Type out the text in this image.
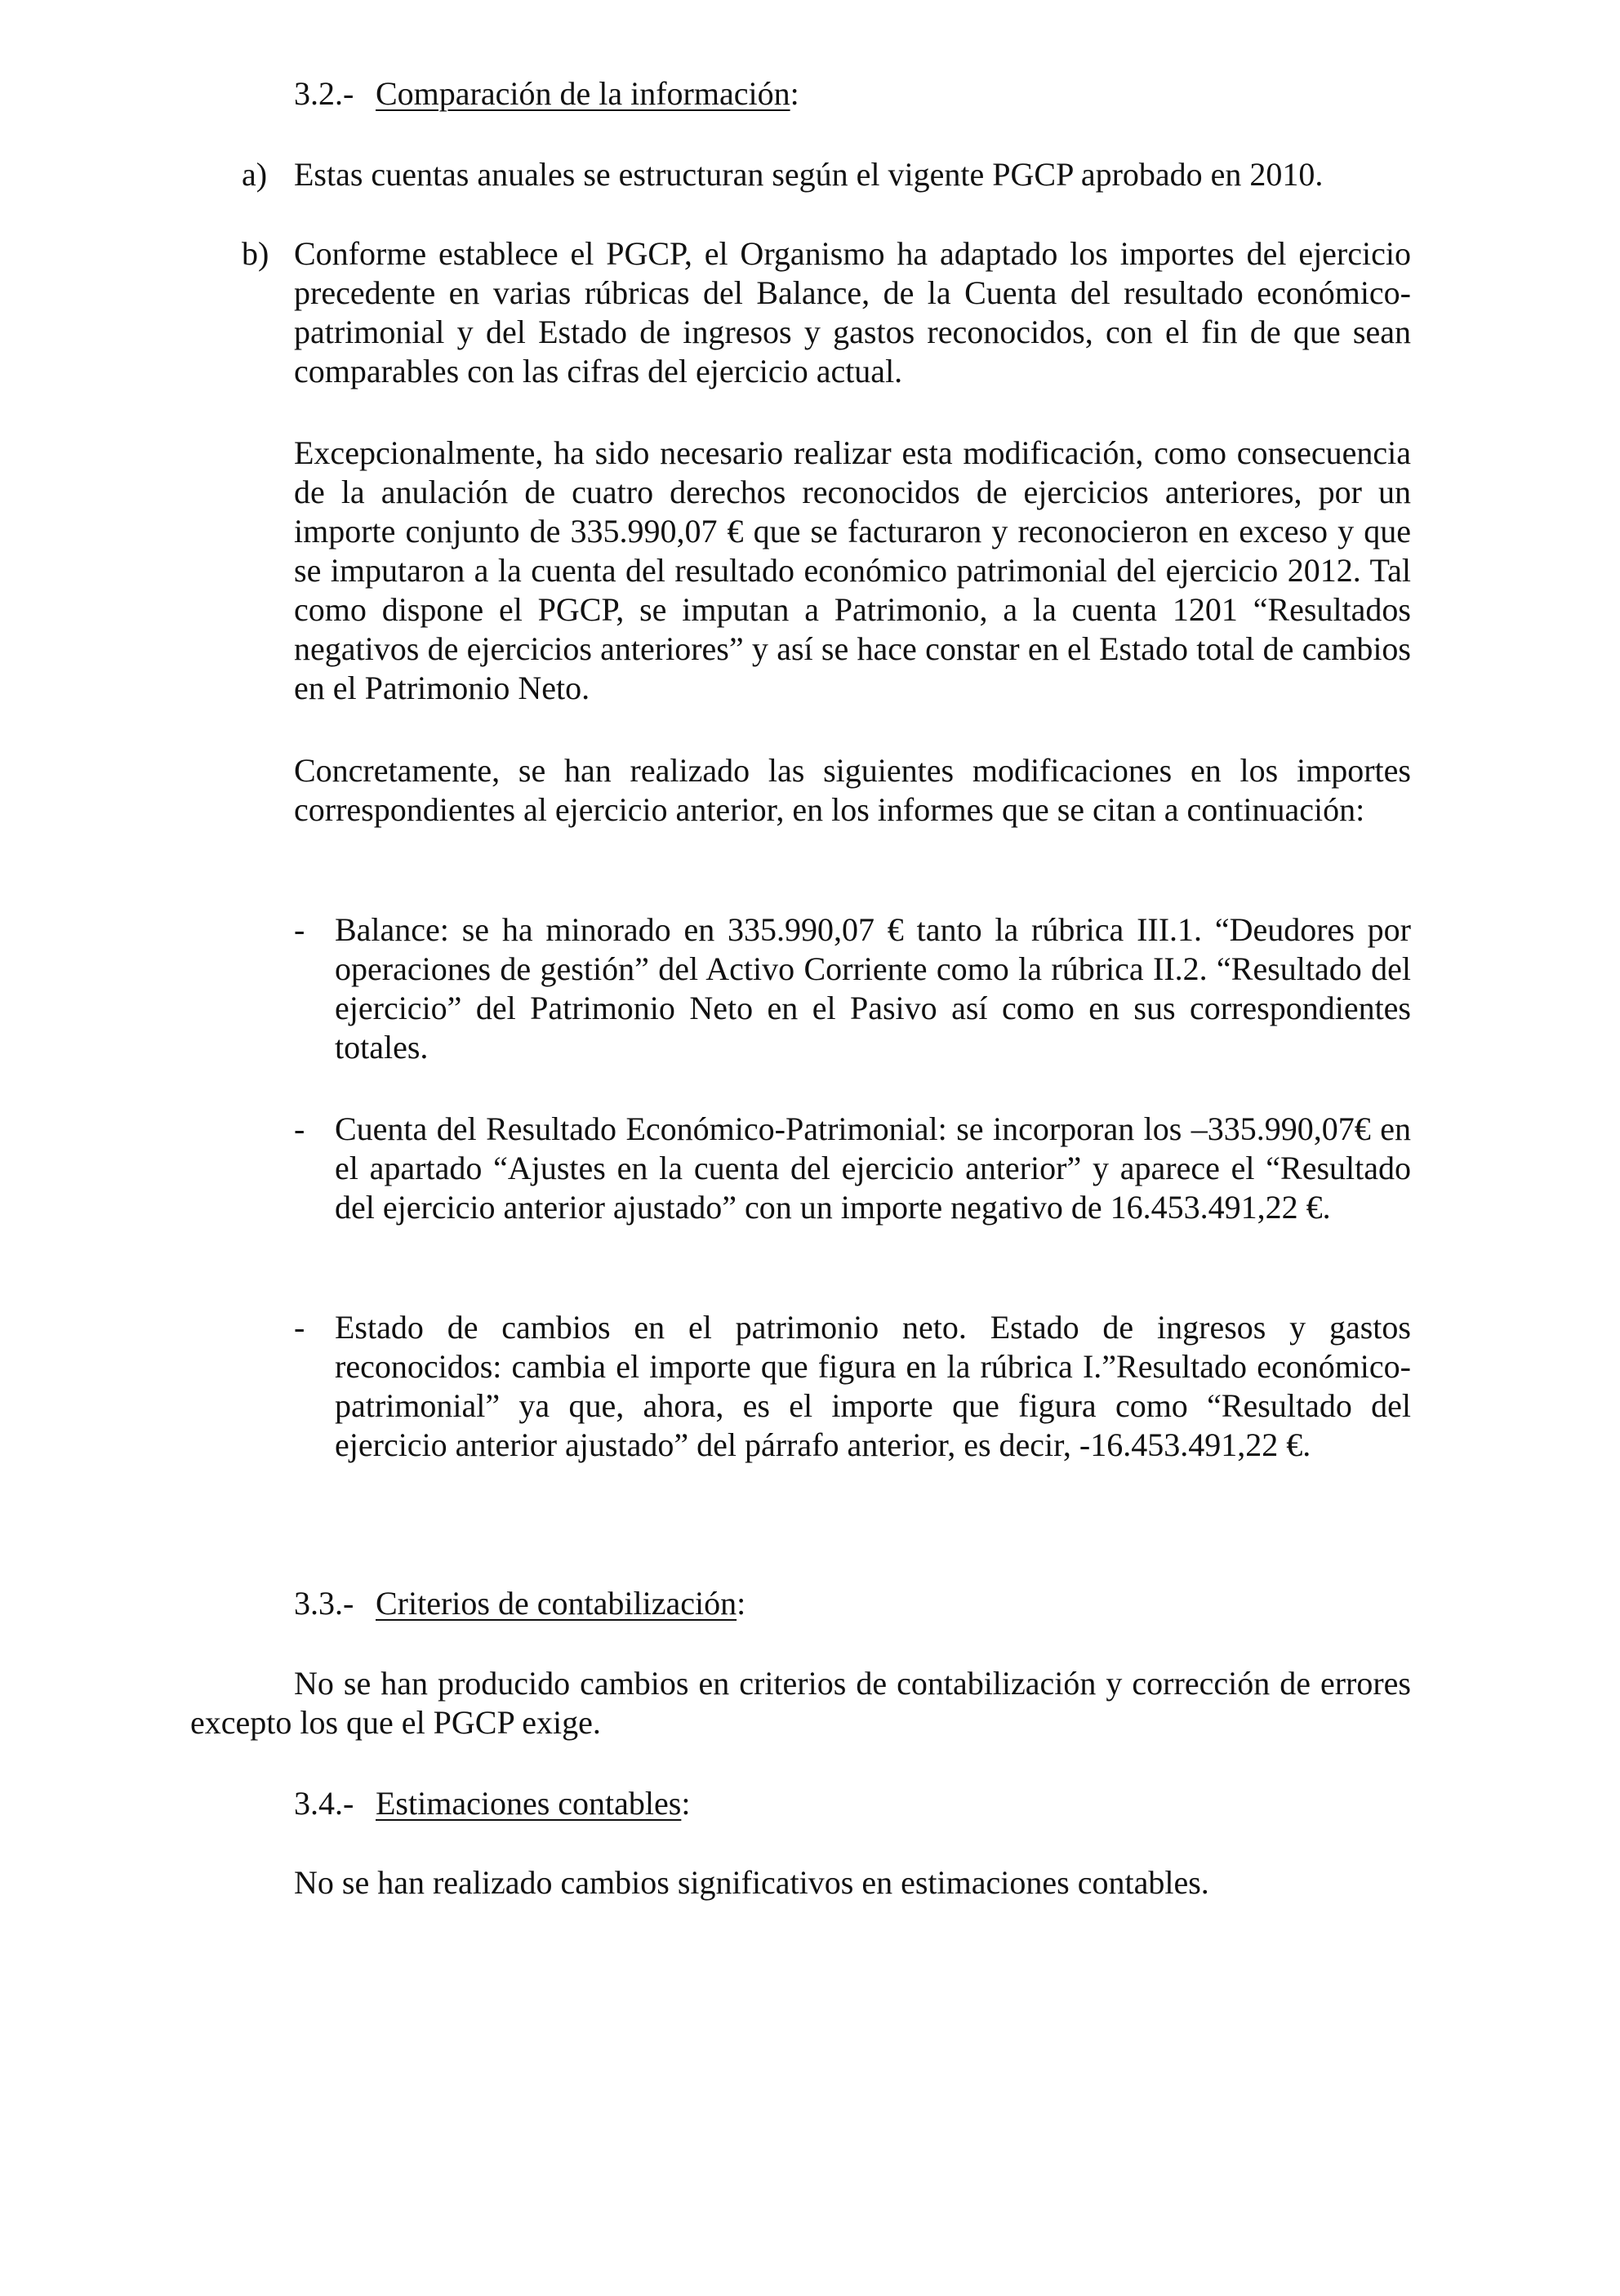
3.2.- Comparación de la información:
a) Estas cuentas anuales se estructuran según el vigente PGCP aprobado en 2010.
b) Conforme establece el PGCP, el Organismo ha adaptado los importes del ejercicio precedente en varias rúbricas del Balance, de la Cuenta del resultado económico-patrimonial y del Estado de ingresos y gastos reconocidos, con el fin de que sean comparables con las cifras del ejercicio actual.
Excepcionalmente, ha sido necesario realizar esta modificación, como consecuencia de la anulación de cuatro derechos reconocidos de ejercicios anteriores, por un importe conjunto de 335.990,07 € que se facturaron y reconocieron en exceso y que se imputaron a la cuenta del resultado económico patrimonial del ejercicio 2012. Tal como dispone el PGCP, se imputan a Patrimonio, a la cuenta 1201 “Resultados negativos de ejercicios anteriores” y así se hace constar en el Estado total de cambios en el Patrimonio Neto.
Concretamente, se han realizado las siguientes modificaciones en los importes correspondientes al ejercicio anterior, en los informes que se citan a continuación:
- Balance: se ha minorado en 335.990,07 € tanto la rúbrica III.1. “Deudores por operaciones de gestión” del Activo Corriente como la rúbrica II.2. “Resultado del ejercicio” del Patrimonio Neto en el Pasivo así como en sus correspondientes totales.
- Cuenta del Resultado Económico-Patrimonial: se incorporan los –335.990,07€ en el apartado “Ajustes en la cuenta del ejercicio anterior” y aparece el “Resultado del ejercicio anterior ajustado” con un importe negativo de 16.453.491,22 €.
- Estado de cambios en el patrimonio neto. Estado de ingresos y gastos reconocidos: cambia el importe que figura en la rúbrica I.”Resultado económico-patrimonial” ya que, ahora, es el importe que figura como “Resultado del ejercicio anterior ajustado” del párrafo anterior, es decir, -16.453.491,22 €.
3.3.- Criterios de contabilización:
No se han producido cambios en criterios de contabilización y corrección de errores excepto los que el PGCP exige.
3.4.- Estimaciones contables:
No se han realizado cambios significativos en estimaciones contables.
